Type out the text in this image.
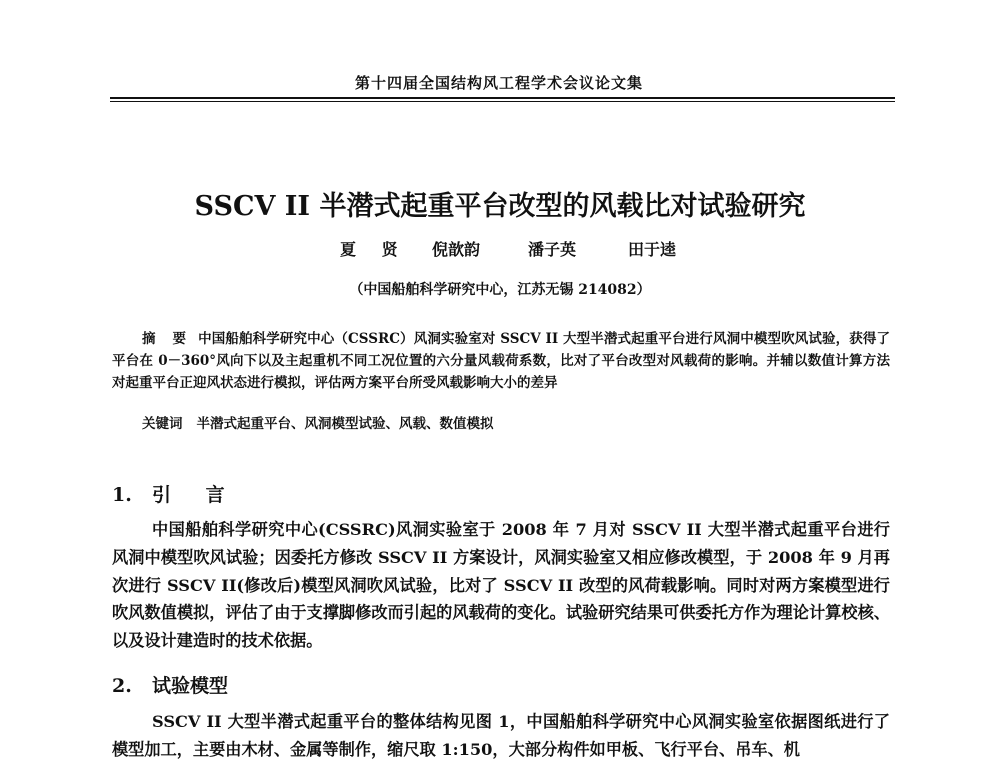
第十四届全国结构风工程学术会议论文集
SSCV II 半潜式起重平台改型的风载比对试验研究
夏 贤	倪歆韵	潘子英	田于逵
（中国船舶科学研究中心，江苏无锡 214082）
摘 要 中国船舶科学研究中心（CSSRC）风洞实验室对 SSCV II 大型半潜式起重平台进行风洞中模型吹风试验，获得了平台在 0－360°风向下以及主起重机不同工况位置的六分量风载荷系数，比对了平台改型对风载荷的影响。并辅以数值计算方法对起重平台正迎风状态进行模拟，评估两方案平台所受风载影响大小的差异
关键词 半潜式起重平台、风洞模型试验、风载、数值模拟
1. 引 言
中国船舶科学研究中心(CSSRC)风洞实验室于 2008 年 7 月对 SSCV II 大型半潜式起重平台进行风洞中模型吹风试验；因委托方修改 SSCV II 方案设计，风洞实验室又相应修改模型，于 2008 年 9 月再次进行 SSCV II(修改后)模型风洞吹风试验，比对了 SSCV II 改型的风荷载影响。同时对两方案模型进行吹风数值模拟，评估了由于支撑脚修改而引起的风载荷的变化。试验研究结果可供委托方作为理论计算校核、以及设计建造时的技术依据。
2. 试验模型
SSCV II 大型半潜式起重平台的整体结构见图 1，中国船舶科学研究中心风洞实验室依据图纸进行了模型加工，主要由木材、金属等制作，缩尺取 1:150，大部分构件如甲板、飞行平台、吊车、机
